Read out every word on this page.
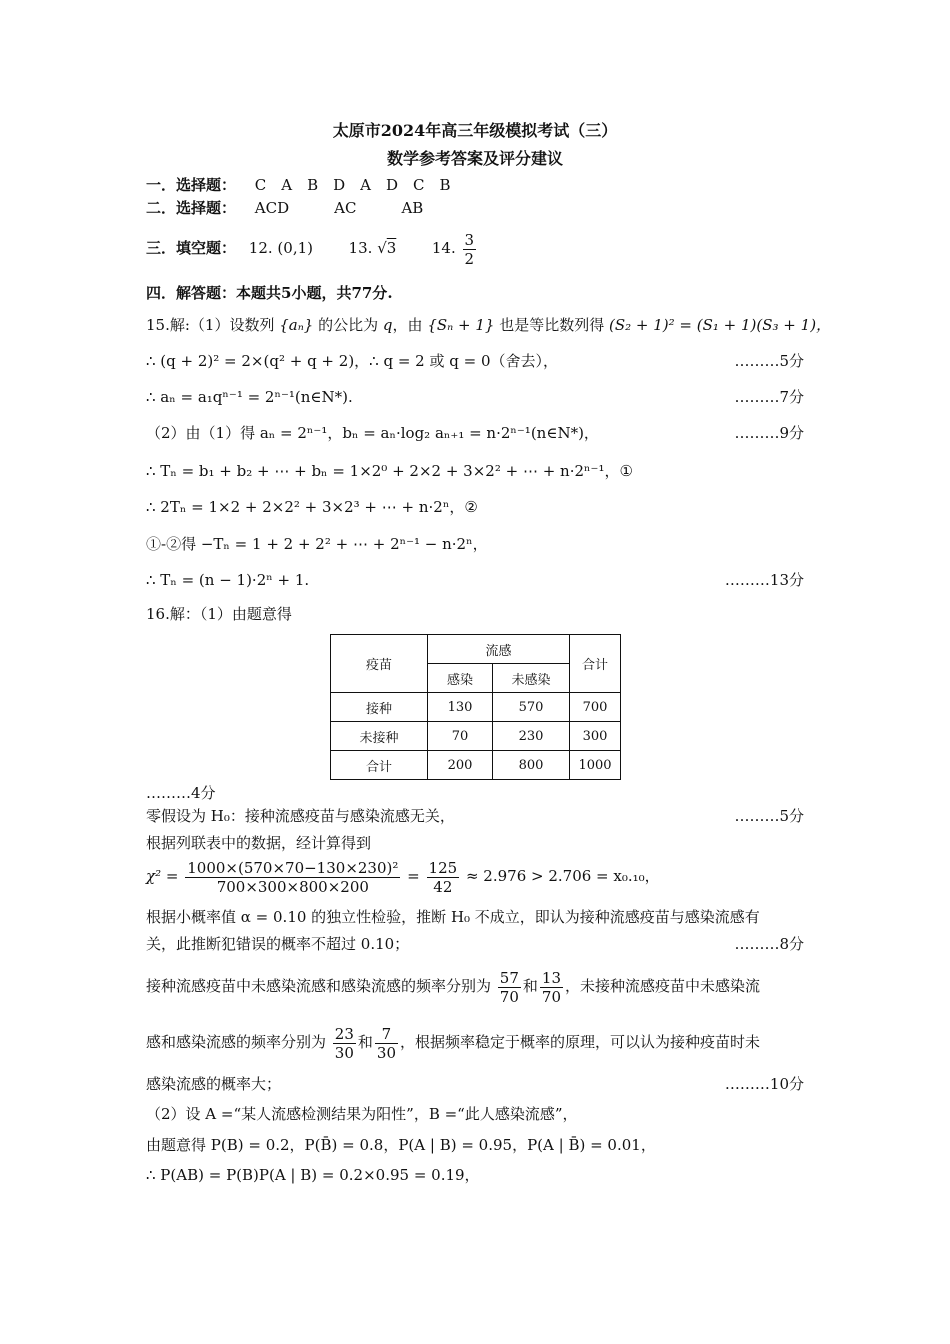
太原市2024年高三年级模拟考试（三）
数学参考答案及评分建议
一．选择题： C　A　B　D　A　D　C　B
二．选择题： ACD　　　AC　　　AB
三．填空题： 12. (0,1) 13. √3 14. $\frac{3}{2}$
四．解答题：本题共5小题，共77分.
15.解:（1）设数列 {aₙ} 的公比为 q，由 {Sₙ + 1} 也是等比数列得 (S₂ + 1)² = (S₁ + 1)(S₃ + 1)，
∴ (q + 2)² = 2×(q² + q + 2)，∴ q = 2 或 q = 0（舍去），	………5分
∴ aₙ = a₁qⁿ⁻¹ = 2ⁿ⁻¹(n∈N*).	………7分
（2）由（1）得 aₙ = 2ⁿ⁻¹，bₙ = aₙ·log₂ aₙ₊₁ = n·2ⁿ⁻¹(n∈N*)，	………9分
∴ Tₙ = b₁ + b₂ + ⋯ + bₙ = 1×2⁰ + 2×2 + 3×2² + ⋯ + n·2ⁿ⁻¹，①
∴ 2Tₙ = 1×2 + 2×2² + 3×2³ + ⋯ + n·2ⁿ，②
①-②得 −Tₙ = 1 + 2 + 2² + ⋯ + 2ⁿ⁻¹ − n·2ⁿ，
∴ Tₙ = (n − 1)·2ⁿ + 1.	………13分
16.解：（1）由题意得
疫苗	流感		合计
	感染	未感染	
接种	130	570	700
未接种	70	230	300
合计	200	800	1000
………4分
零假设为 H₀：接种流感疫苗与感染流感无关，	………5分
根据列联表中的数据，经计算得到
$\chi^2 = \frac{\text{1000×(570×70−130×230)²}}{700\times 300\times 800\times 200} = \frac{125}{42} \approx 2.976 > 2.706 = x_0._{10}$，
根据小概率值 α = 0.10 的独立性检验，推断 H₀ 不成立，即认为接种流感疫苗与感染流感有
关，此推断犯错误的概率不超过 0.10；	………8分
接种流感疫苗中未感染流感和感染流感的频率分别为 $\frac{57}{70}$ 和 $\frac{13}{70}$ ，未接种流感疫苗中未感染流
感和感染流感的频率分别为 $\frac{23}{30}$ 和 $\frac{7}{30}$ ，根据频率稳定于概率的原理，可以认为接种疫苗时未
感染流感的概率大；	………10分
（2）设 A =“某人流感检测结果为阳性”，B =“此人感染流感”，
由题意得 P(B) = 0.2，P(B̄) = 0.8，P(A | B) = 0.95，P(A | B̄) = 0.01，
∴ P(AB) = P(B)P(A | B) = 0.2×0.95 = 0.19，
